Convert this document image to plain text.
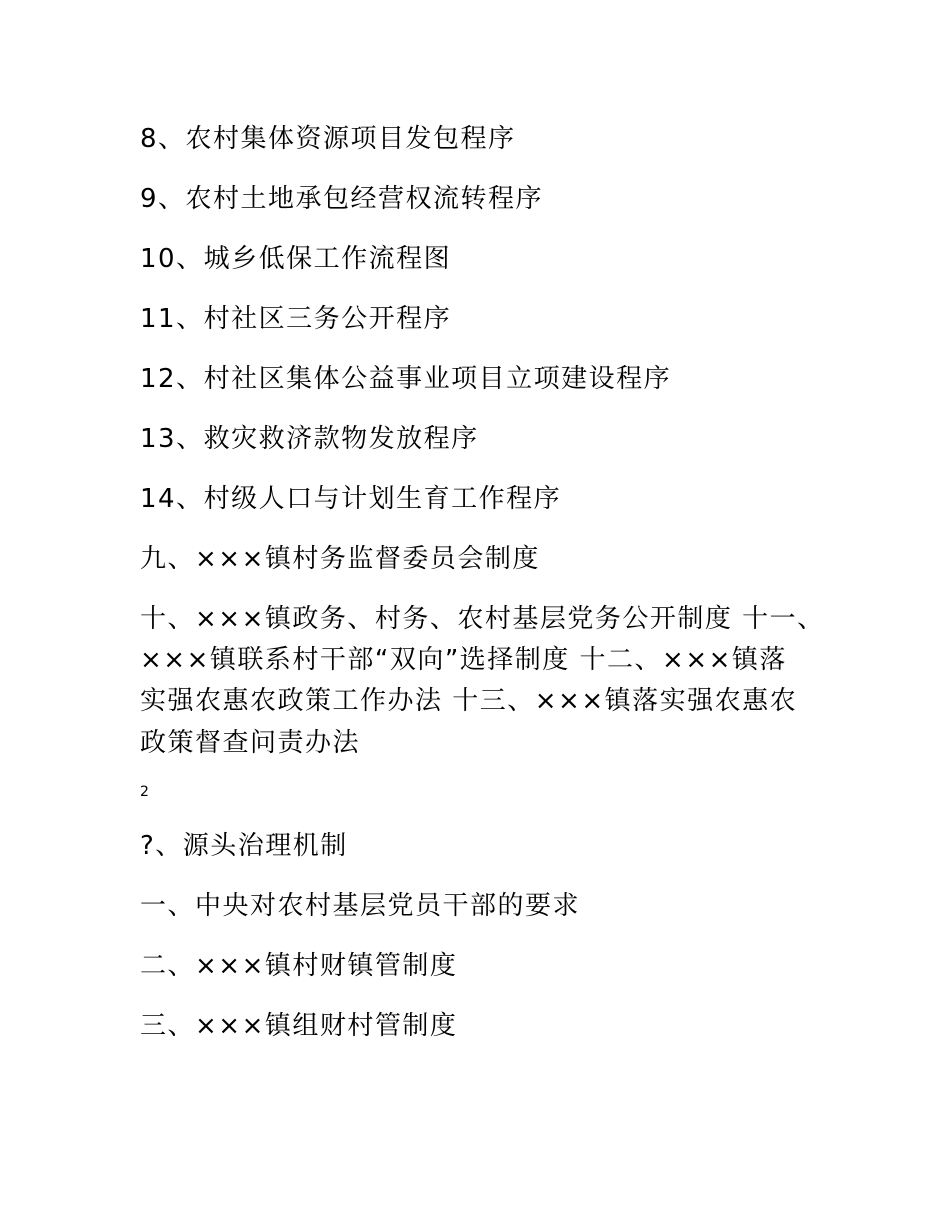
8、农村集体资源项目发包程序
9、农村土地承包经营权流转程序
10、城乡低保工作流程图
11、村社区三务公开程序
12、村社区集体公益事业项目立项建设程序
13、救灾救济款物发放程序
14、村级人口与计划生育工作程序
九、×××镇村务监督委员会制度
十、×××镇政务、村务、农村基层党务公开制度 十一、
×××镇联系村干部“双向”选择制度 十二、×××镇落
实强农惠农政策工作办法 十三、×××镇落实强农惠农
政策督查问责办法
2
?、源头治理机制
一、中央对农村基层党员干部的要求
二、×××镇村财镇管制度
三、×××镇组财村管制度
